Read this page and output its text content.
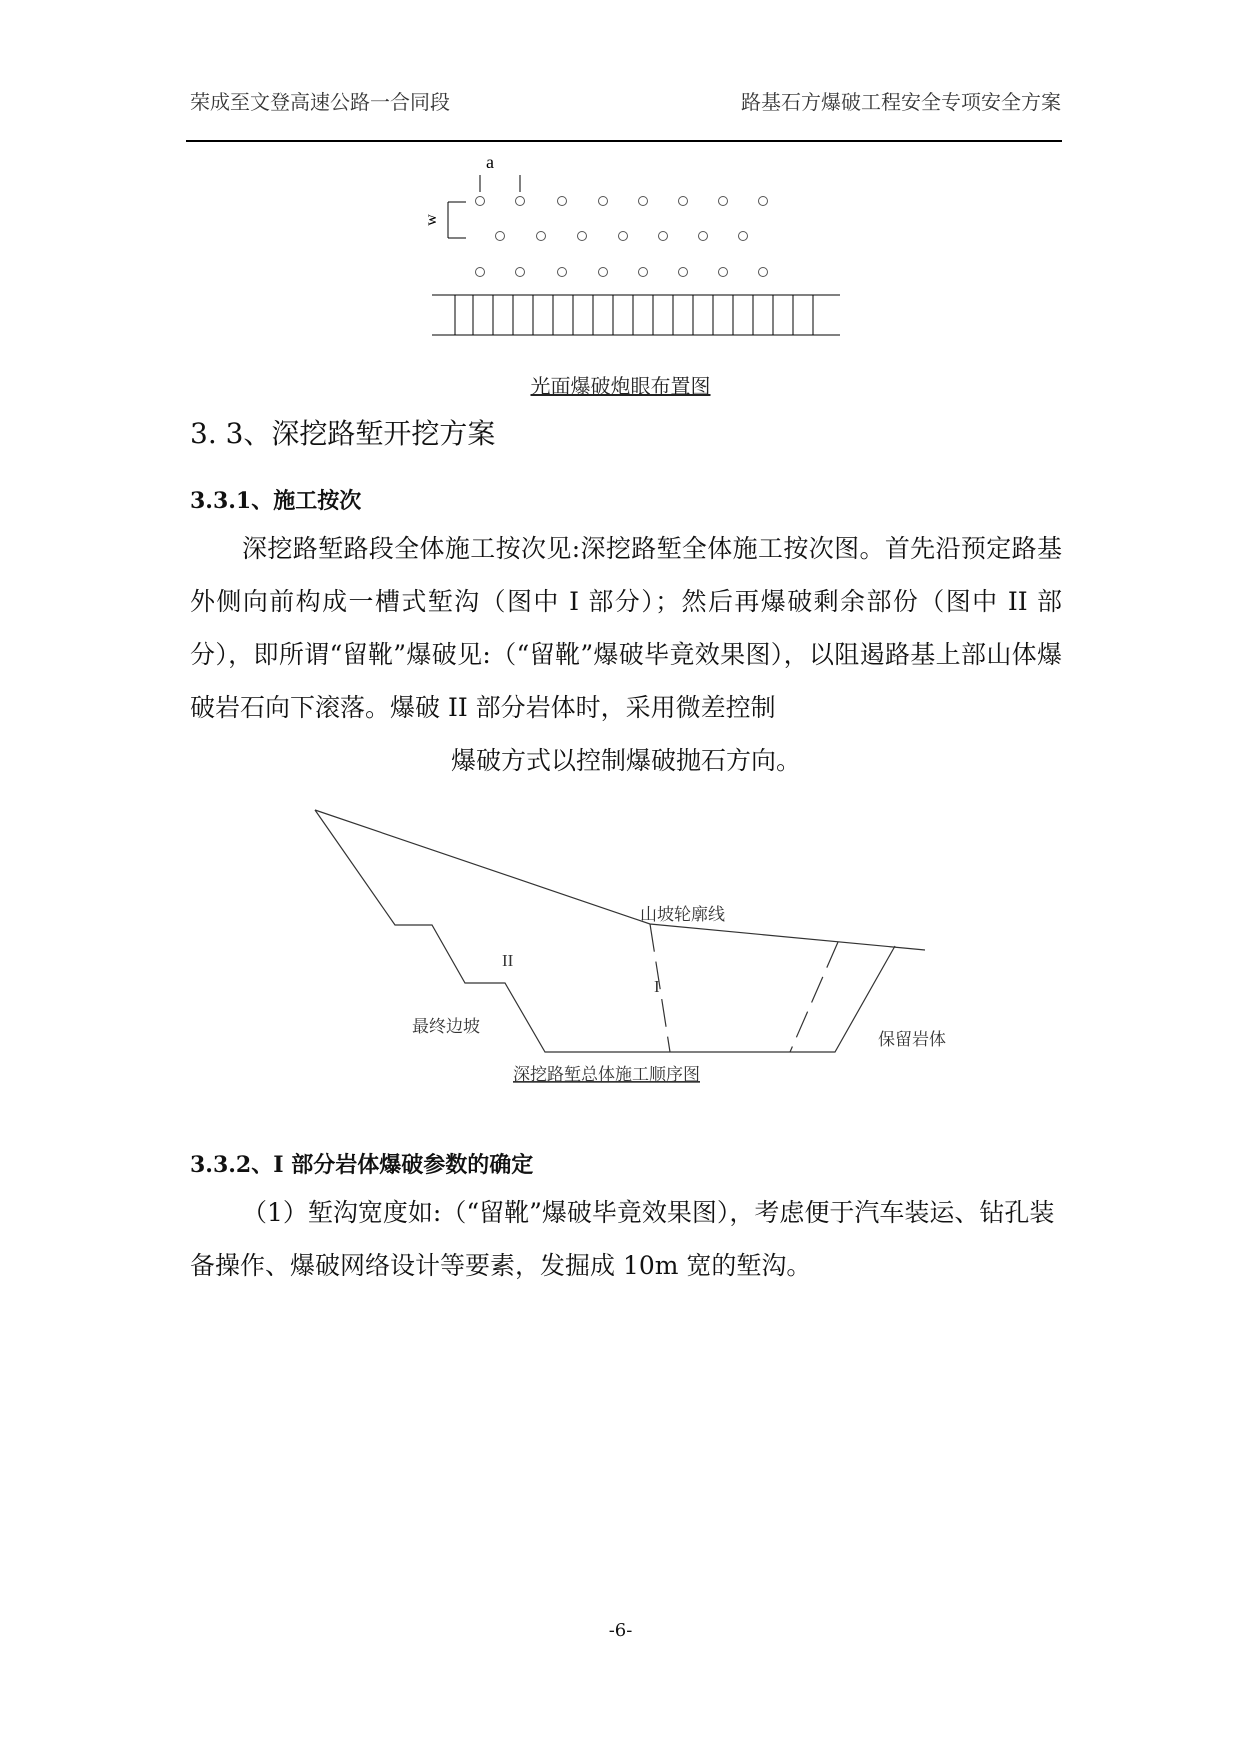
荣成至文登高速公路一合同段	路基石方爆破工程安全专项安全方案
a
w
光面爆破炮眼布置图
3. 3、深挖路堑开挖方案
3.3.1、施工按次
深挖路堑路段全体施工按次见:深挖路堑全体施工按次图。首先沿预定路基外侧向前构成一槽式堑沟（图中 I 部分）；然后再爆破剩余部份（图中 II 部分），即所谓“留靴”爆破见:（“留靴”爆破毕竟效果图），以阻遏路基上部山体爆破岩石向下滚落。爆破 II 部分岩体时，采用微差控制
爆破方式以控制爆破抛石方向。
山坡轮廓线
II
I
最终边坡
保留岩体
深挖路堑总体施工顺序图
3.3.2、I 部分岩体爆破参数的确定
（1）堑沟宽度如:（“留靴”爆破毕竟效果图），考虑便于汽车装运、钻孔装备操作、爆破网络设计等要素，发掘成 10m 宽的堑沟。
-6-
